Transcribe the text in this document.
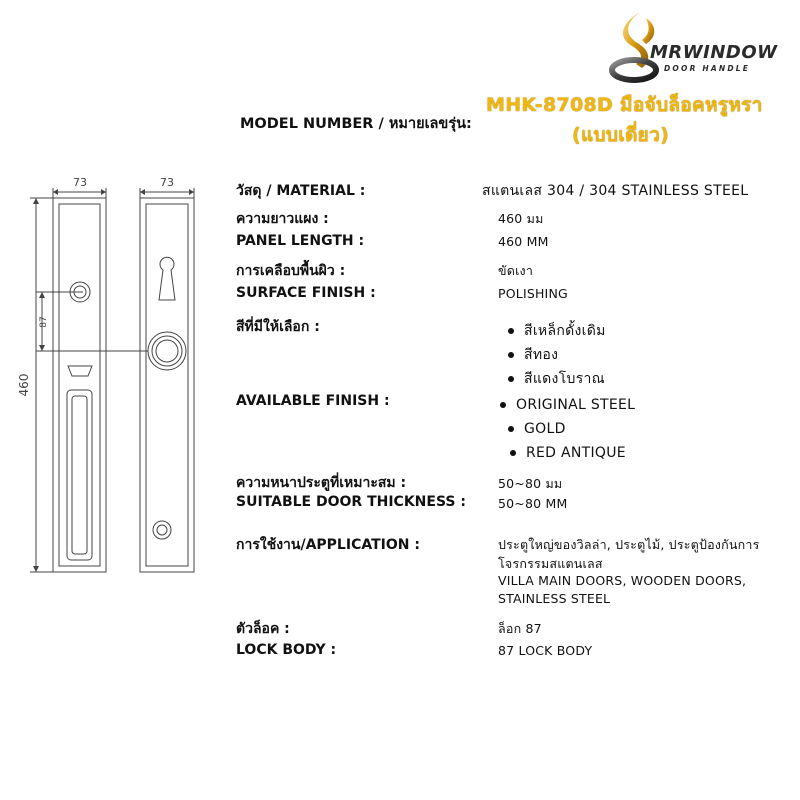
MRWINDOW
DOOR HANDLE
MODEL NUMBER / หมายเลขรุ่น:
MHK-8708D มือจับล็อคหรูหรา
(แบบเดี่ยว)
73	73
460
87
วัสดุ / MATERIAL :	สแตนเลส 304 / 304 STAINLESS STEEL
ความยาวแผง :	460 มม
PANEL LENGTH :	460 MM
การเคลือบพื้นผิว :	ขัดเงา
SURFACE FINISH :	POLISHING
สีที่มีให้เลือก :	สีเหล็กดั้งเดิม
สีทอง
สีแดงโบราณ
AVAILABLE FINISH :	ORIGINAL STEEL
GOLD
RED ANTIQUE
ความหนาประตูที่เหมาะสม :	50~80 มม
SUITABLE DOOR THICKNESS :	50~80 MM
การใช้งาน/APPLICATION :	ประตูใหญ่ของวิลล่า, ประตูไม้, ประตูป้องกันการ
โจรกรรมสแตนเลส
VILLA MAIN DOORS, WOODEN DOORS,
STAINLESS STEEL
ตัวล็อค :	ล็อก 87
LOCK BODY :	87 LOCK BODY
